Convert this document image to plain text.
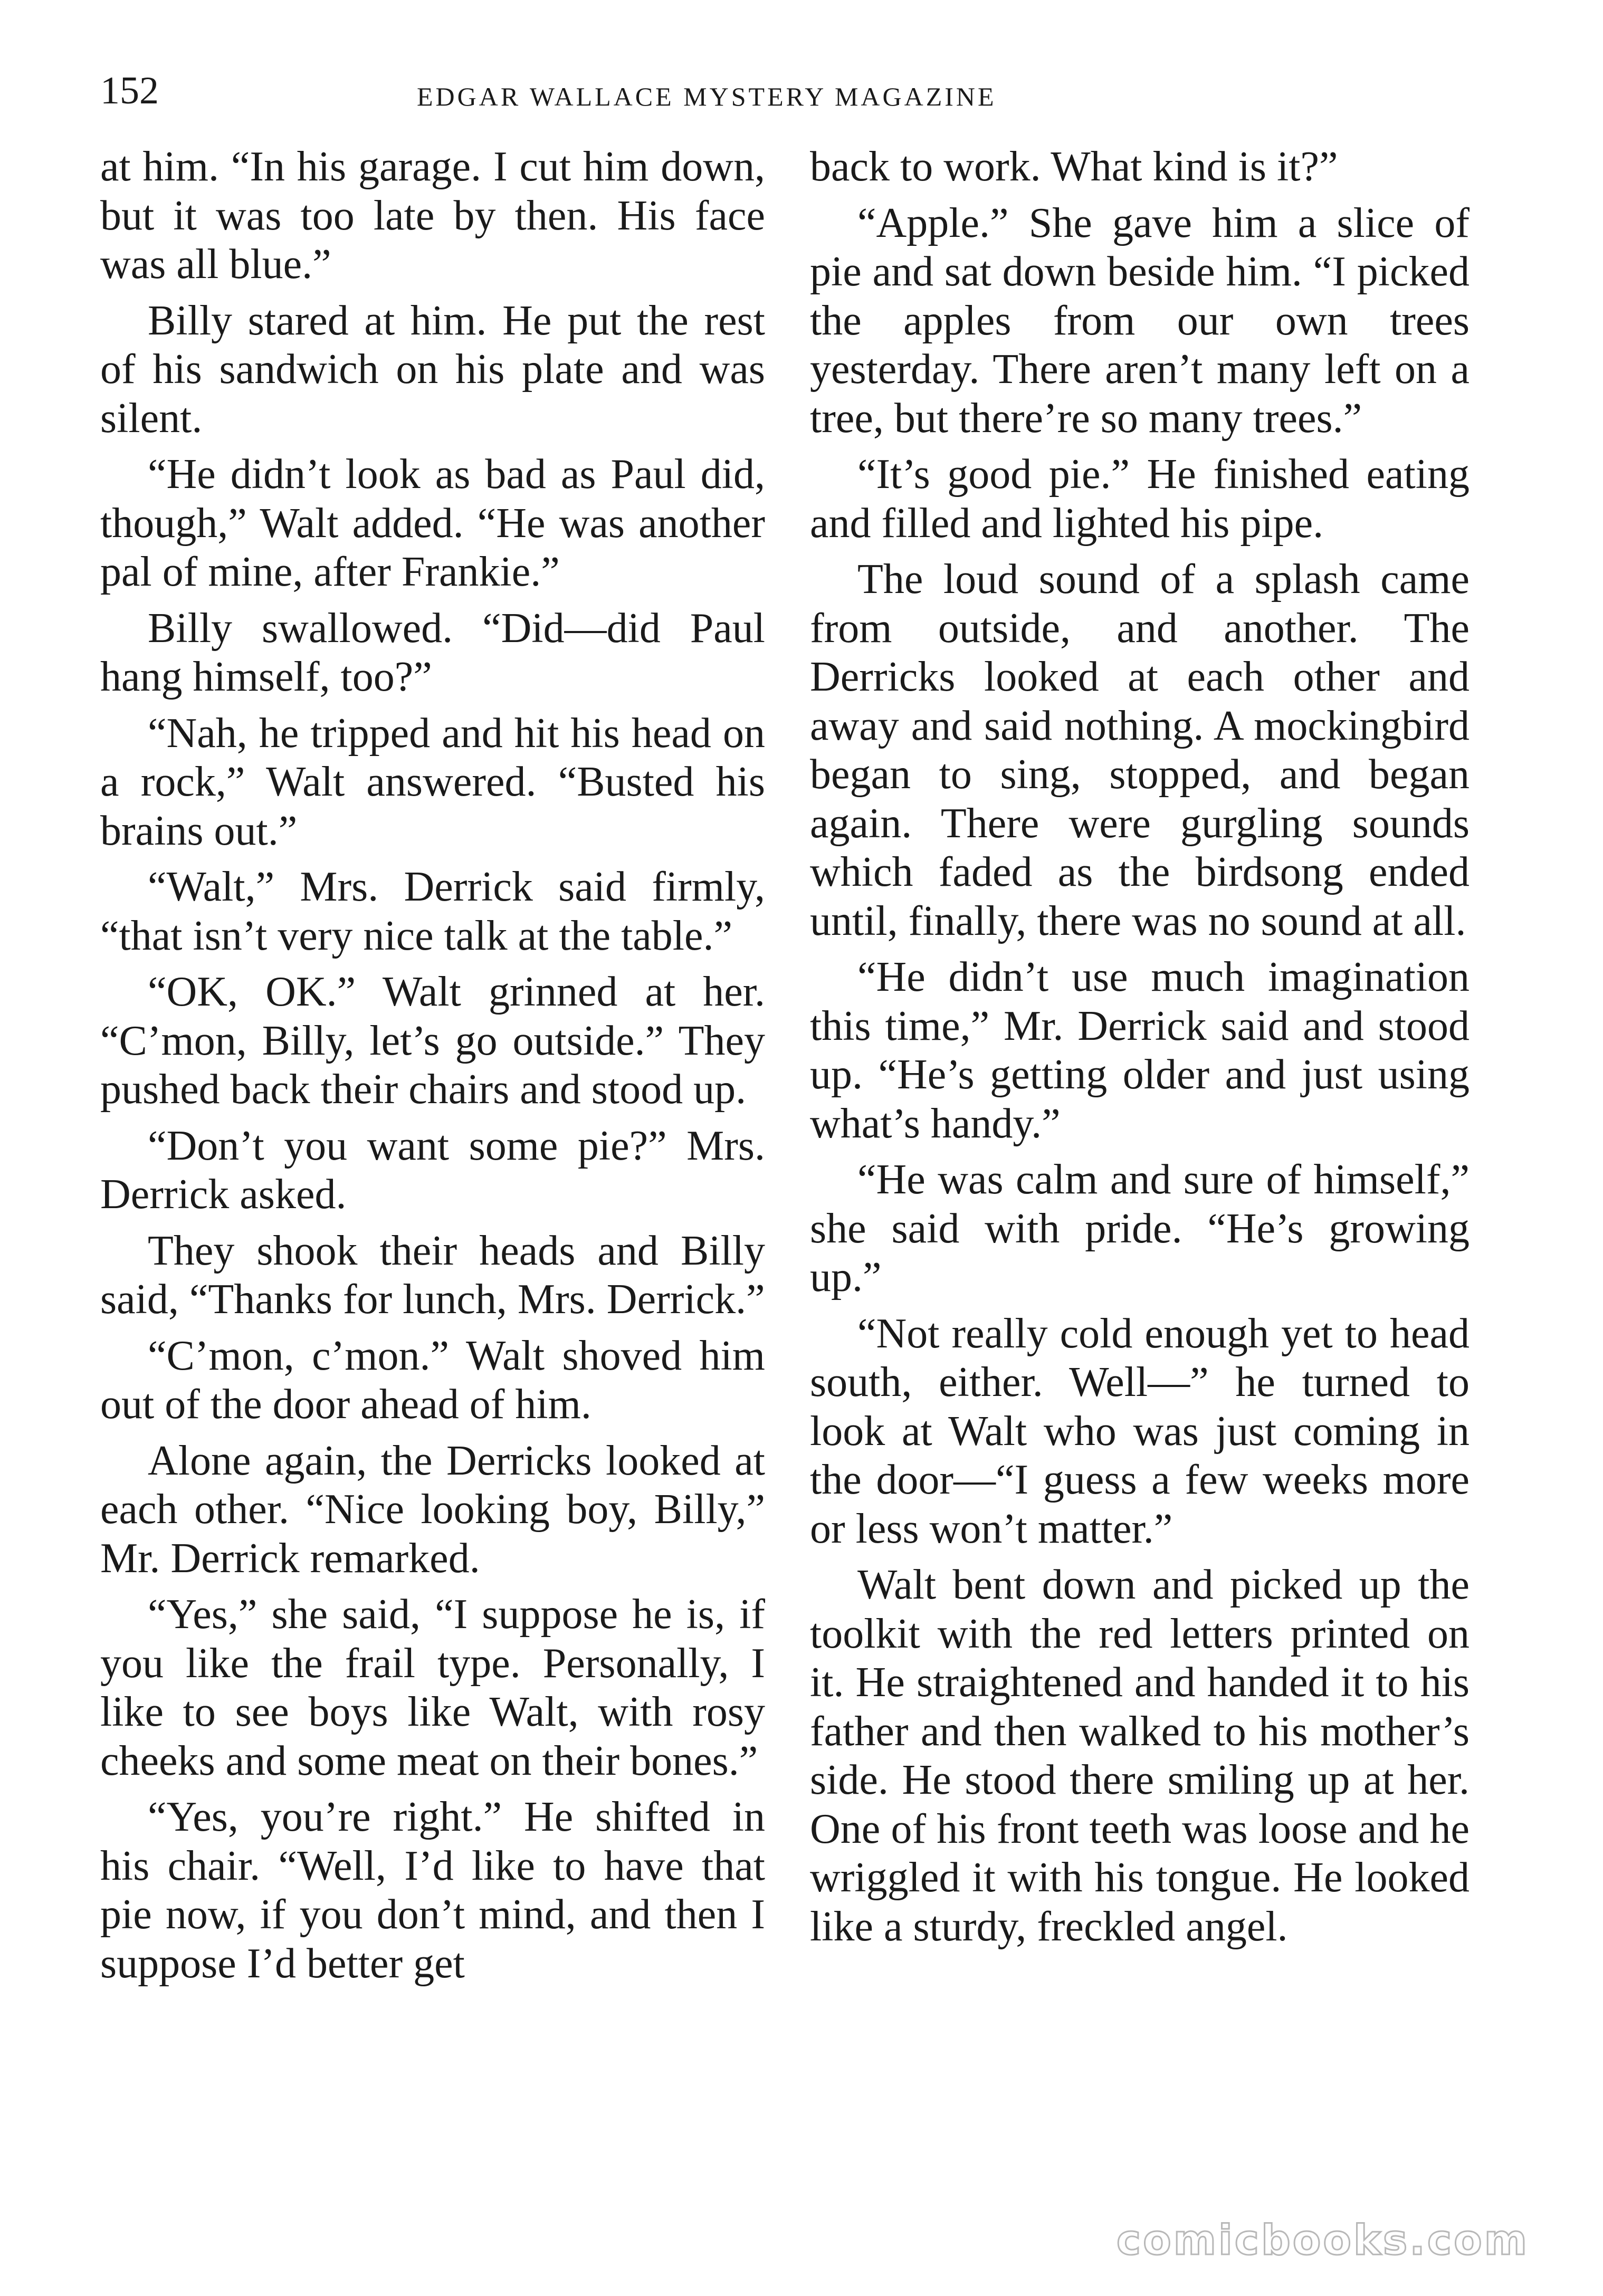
152	EDGAR WALLACE MYSTERY MAGAZINE

at him. “In his garage. I cut him down, but it was too late by then. His face was all blue.”

Billy stared at him. He put the rest of his sandwich on his plate and was silent.

“He didn’t look as bad as Paul did, though,” Walt added. “He was another pal of mine, after Frankie.”

Billy swallowed. “Did—did Paul hang himself, too?”

“Nah, he tripped and hit his head on a rock,” Walt answered. “Busted his brains out.”

“Walt,” Mrs. Derrick said firmly, “that isn’t very nice talk at the table.”

“OK, OK.” Walt grinned at her. “C’mon, Billy, let’s go outside.” They pushed back their chairs and stood up.

“Don’t you want some pie?” Mrs. Derrick asked.

They shook their heads and Billy said, “Thanks for lunch, Mrs. Derrick.”

“C’mon, c’mon.” Walt shoved him out of the door ahead of him.

Alone again, the Derricks looked at each other. “Nice looking boy, Billy,” Mr. Derrick remarked.

“Yes,” she said, “I suppose he is, if you like the frail type. Personally, I like to see boys like Walt, with rosy cheeks and some meat on their bones.”

“Yes, you’re right.” He shifted in his chair. “Well, I’d like to have that pie now, if you don’t mind, and then I suppose I’d better get

back to work. What kind is it?”

“Apple.” She gave him a slice of pie and sat down beside him. “I picked the apples from our own trees yesterday. There aren’t many left on a tree, but there’re so many trees.”

“It’s good pie.” He finished eating and filled and lighted his pipe.

The loud sound of a splash came from outside, and another. The Derricks looked at each other and away and said nothing. A mockingbird began to sing, stopped, and began again. There were gurgling sounds which faded as the birdsong ended until, finally, there was no sound at all.

“He didn’t use much imagination this time,” Mr. Derrick said and stood up. “He’s getting older and just using what’s handy.”

“He was calm and sure of himself,” she said with pride. “He’s growing up.”

“Not really cold enough yet to head south, either. Well—” he turned to look at Walt who was just coming in the door—“I guess a few weeks more or less won’t matter.”

Walt bent down and picked up the toolkit with the red letters printed on it. He straightened and handed it to his father and then walked to his mother’s side. He stood there smiling up at her. One of his front teeth was loose and he wriggled it with his tongue. He looked like a sturdy, freckled angel.

comicbooks.com
